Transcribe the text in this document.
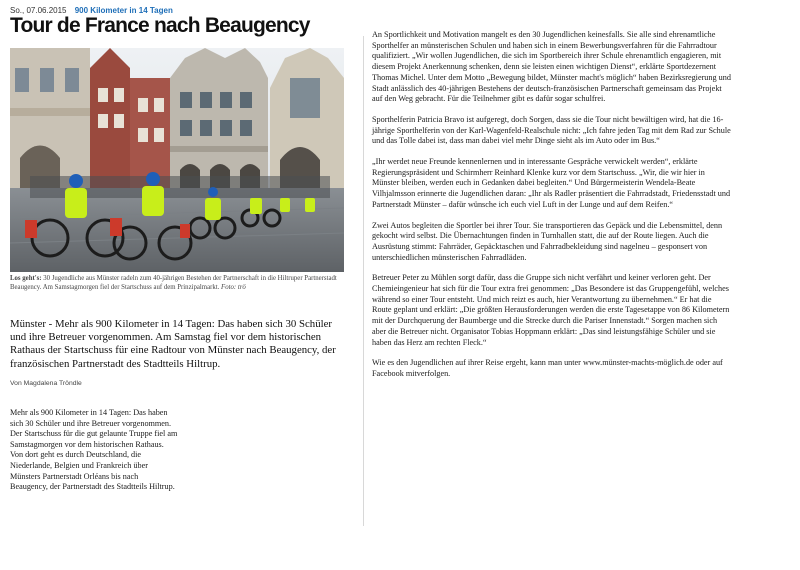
So., 07.06.2015 900 Kilometer in 14 Tagen
Tour de France nach Beaugency
Los geht's: 30 Jugendliche aus Münster radeln zum 40-jährigen Bestehen der Partnerschaft in die Hiltruper Partnerstadt Beaugency. Am Samstagmorgen fiel der Startschuss auf dem Prinzipalmarkt. Foto: trö

Münster - Mehr als 900 Kilometer in 14 Tagen: Das haben sich 30 Schüler und ihre Betreuer vorgenommen. Am Samstag fiel vor dem historischen Rathaus der Startschuss für eine Radtour von Münster nach Beaugency, der französischen Partnerstadt des Stadtteils Hiltrup.

Von Magdalena Tröndle

Mehr als 900 Kilometer in 14 Tagen: Das haben sich 30 Schüler und ihre Betreuer vorgenommen. Der Startschuss für die gut gelaunte Truppe fiel am Samstagmorgen vor dem historischen Rathaus. Von dort geht es durch Deutschland, die Niederlande, Belgien und Frankreich über Münsters Partnerstadt Orléans bis nach Beaugency, der Partnerstadt des Stadtteils Hiltrup.

An Sportlichkeit und Motivation mangelt es den 30 Jugendlichen keinesfalls. Sie alle sind ehrenamtliche Sporthelfer an münsterischen Schulen und haben sich in einem Bewerbungsverfahren für die Fahrradtour qualifiziert. „Wir wollen Jugendlichen, die sich im Sportbereich ihrer Schule ehrenamtlich engagieren, mit diesem Projekt Anerkennung schenken, denn sie leisten einen wichtigen Dienst“, erklärte Sportdezernent Thomas Michel. Unter dem Motto „Bewegung bildet, Münster macht's möglich“ haben Bezirksregierung und Stadt anlässlich des 40-jährigen Bestehens der deutsch-französischen Partnerschaft gemeinsam das Projekt auf den Weg gebracht. Für die Teilnehmer gibt es dafür sogar schulfrei.

Sporthelferin Patricia Bravo ist aufgeregt, doch Sorgen, dass sie die Tour nicht bewältigen wird, hat die 16-jährige Sporthelferin von der Karl-Wagenfeld-Realschule nicht: „Ich fahre jeden Tag mit dem Rad zur Schule und das Tolle dabei ist, dass man dabei viel mehr Dinge sieht als im Auto oder im Bus.“

„Ihr werdet neue Freunde kennenlernen und in interessante Gespräche verwickelt werden“, erklärte Regierungspräsident und Schirmherr Reinhard Klenke kurz vor dem Startschuss. „Wir, die wir hier in Münster bleiben, werden euch in Gedanken dabei begleiten.“ Und Bürgermeisterin Wendela-Beate Vilhjalmsson erinnerte die Jugendlichen daran: „Ihr als Radler präsentiert die Fahrradstadt, Friedensstadt und Partnerstadt Münster – dafür wünsche ich euch viel Luft in der Lunge und auf dem Reifen.“

Zwei Autos begleiten die Sportler bei ihrer Tour. Sie transportieren das Gepäck und die Lebensmittel, denn gekocht wird selbst. Die Übernachtungen finden in Turnhallen statt, die auf der Route liegen. Auch die Ausrüstung stimmt: Fahrräder, Gepäcktaschen und Fahrradbekleidung sind nagelneu – gesponsert von unterschiedlichen münsterischen Fahrradläden.

Betreuer Peter zu Mühlen sorgt dafür, dass die Gruppe sich nicht verfährt und keiner verloren geht. Der Chemieingenieur hat sich für die Tour extra frei genommen: „Das Besondere ist das Gruppengefühl, welches während so einer Tour entsteht. Und mich reizt es auch, hier Verantwortung zu übernehmen.“ Er hat die Route geplant und erklärt: „Die größten Herausforderungen werden die erste Tagesetappe von 86 Kilometern mit der Durchquerung der Baumberge und die Strecke durch die Pariser Innenstadt.“ Sorgen machen sich aber die Betreuer nicht. Organisator Tobias Hoppmann erklärt: „Das sind leistungsfähige Schüler und sie haben das Herz am rechten Fleck.“

Wie es den Jugendlichen auf ihrer Reise ergeht, kann man unter www.münster-machts-möglich.de oder auf Facebook mitverfolgen.
